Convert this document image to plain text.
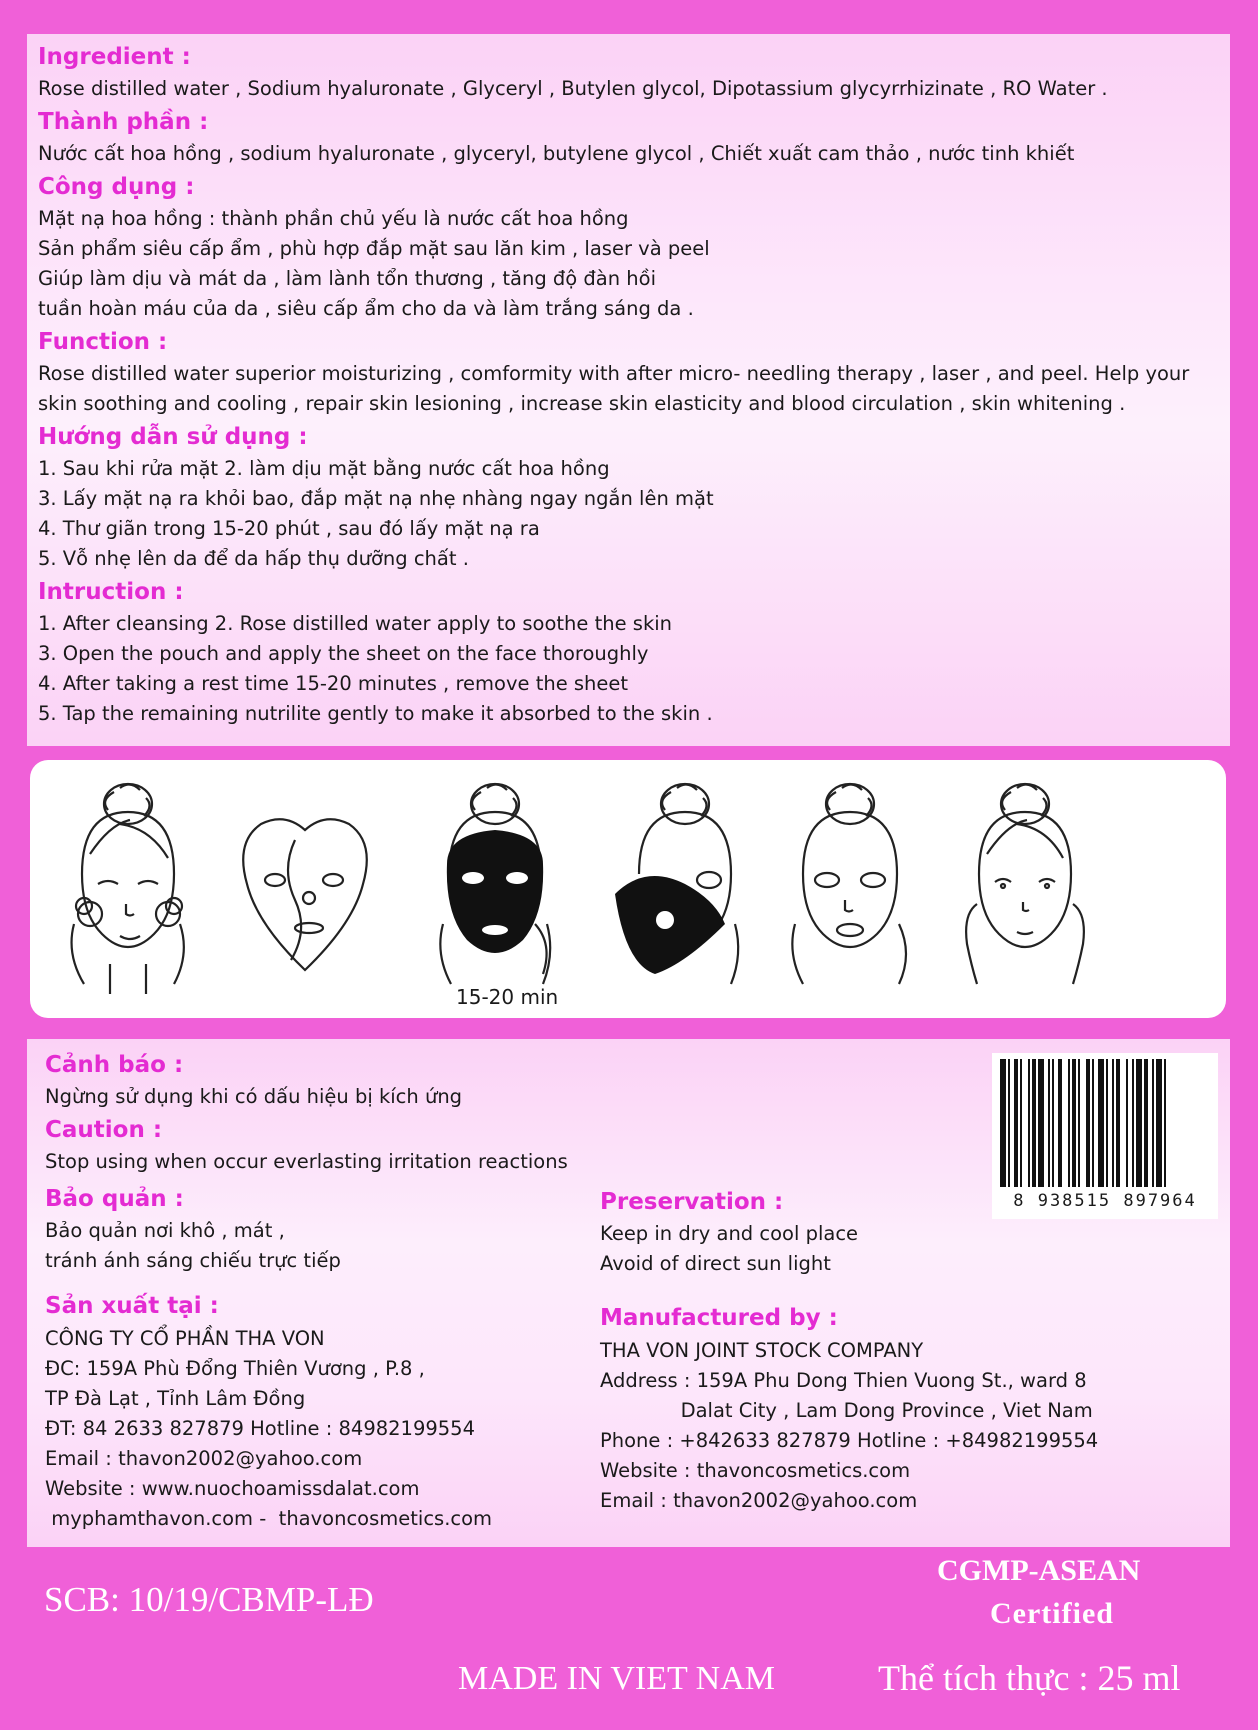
Ingredient :
Rose distilled water , Sodium hyaluronate , Glyceryl , Butylen glycol, Dipotassium glycyrrhizinate , RO Water .
Thành phần :
Nước cất hoa hồng , sodium hyaluronate , glyceryl, butylene glycol , Chiết xuất cam thảo , nước tinh khiết
Công dụng :
Mặt nạ hoa hồng : thành phần chủ yếu là nước cất hoa hồng
Sản phẩm siêu cấp ẩm , phù hợp đắp mặt sau lăn kim , laser và peel
Giúp làm dịu và mát da , làm lành tổn thương , tăng độ đàn hồi
tuần hoàn máu của da , siêu cấp ẩm cho da và làm trắng sáng da .
Function :
Rose distilled water superior moisturizing , comformity with after micro- needling therapy , laser , and peel. Help your
skin soothing and cooling , repair skin lesioning , increase skin elasticity and blood circulation , skin whitening .
Hướng dẫn sử dụng :
1. Sau khi rửa mặt 2. làm dịu mặt bằng nước cất hoa hồng
3. Lấy mặt nạ ra khỏi bao, đắp mặt nạ nhẹ nhàng ngay ngắn lên mặt
4. Thư giãn trong 15-20 phút , sau đó lấy mặt nạ ra
5. Vỗ nhẹ lên da để da hấp thụ dưỡng chất .
Intruction :
1. After cleansing 2. Rose distilled water apply to soothe the skin
3. Open the pouch and apply the sheet on the face thoroughly
4. After taking a rest time 15-20 minutes , remove the sheet
5. Tap the remaining nutrilite gently to make it absorbed to the skin .
15-20 min
Cảnh báo :
Ngừng sử dụng khi có dấu hiệu bị kích ứng
Caution :
Stop using when occur everlasting irritation reactions
Bảo quản :
Bảo quản nơi khô , mát ,
tránh ánh sáng chiếu trực tiếp
Preservation :
Keep in dry and cool place
Avoid of direct sun light
Sản xuất tại :
CÔNG TY CỔ PHẦN THA VON
ĐC: 159A Phù Đổng Thiên Vương , P.8 ,
TP Đà Lạt , Tỉnh Lâm Đồng
ĐT: 84 2633 827879 Hotline : 84982199554
Email : thavon2002@yahoo.com
Website : www.nuochoamissdalat.com
myphamthavon.com -  thavoncosmetics.com
Manufactured by :
THA VON JOINT STOCK COMPANY
Address : 159A Phu Dong Thien Vuong St., ward 8
Dalat City , Lam Dong Province , Viet Nam
Phone : +842633 827879 Hotline : +84982199554
Website : thavoncosmetics.com
Email : thavon2002@yahoo.com
8 938515 897964
SCB: 10/19/CBMP-LĐ
CGMP-ASEAN
Certified
MADE IN VIET NAM	Thể tích thực : 25 ml
